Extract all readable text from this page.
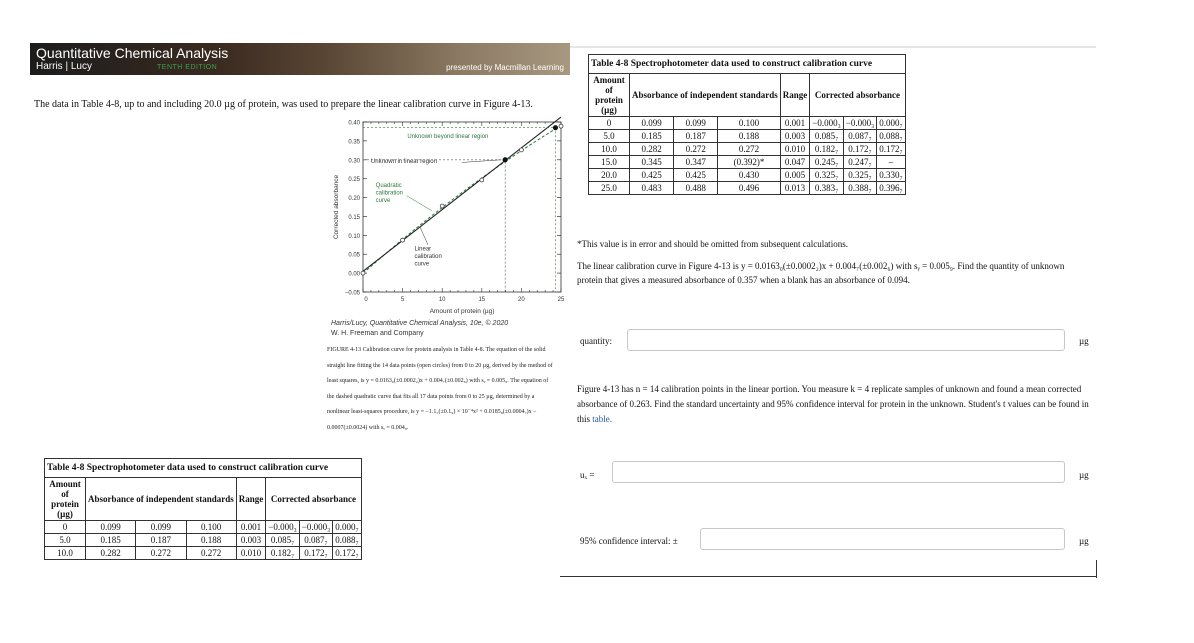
Quantitative Chemical Analysis
Harris | Lucy	TENTH EDITION	presented by Macmillan Learning
The data in Table 4-8, up to and including 20.0 µg of protein, was used to prepare the linear calibration curve in Figure 4-13.
−0.05
0.00
0.05
0.10
0.15
0.20
0.25
0.30
0.35
0.40
0	5	10	15	20	25
Amount of protein (µg)
Corrected absorbance
Unknown beyond linear region
Unknown in linear region
Quadratic
calibration
curve
Linear
calibration
curve
Harris/Lucy, Quantitative Chemical Analysis, 10e, © 2020
W. H. Freeman and Company
FIGURE 4-13 Calibration curve for protein analysis in Table 4-8. The equation of the solid straight line fitting the 14 data points (open circles) from 0 to 20 µg, derived by the method of least squares, is y = 0.0163₀(±0.0002₂)x + 0.004₇(±0.002₆) with sᵧ = 0.005₉. The equation of the dashed quadratic curve that fits all 17 data points from 0 to 25 µg, determined by a nonlinear least-squares procedure, is y = −1.1₇(±0.1₉) × 10⁻⁴x² + 0.0185₈(±0.0004₇)x − 0.0007(±0.0024) with sᵧ = 0.004₈.
Table 4-8 Spectrophotometer data used to construct calibration curve							
Amount of protein (µg)	Absorbance of independent standards			Range	Corrected absorbance		
0	0.099	0.099	0.100	0.001	−0.000₃	−0.000₃	0.000₇
5.0	0.185	0.187	0.188	0.003	0.085₇	0.087₇	0.088₇
10.0	0.282	0.272	0.272	0.010	0.182₇	0.172₇	0.172₇
15.0	0.345	0.347	(0.392)*	0.047	0.245₇	0.247₇	–
20.0	0.425	0.425	0.430	0.005	0.325₇	0.325₇	0.330₇
25.0	0.483	0.488	0.496	0.013	0.383₇	0.388₇	0.396₇
Table 4-8 Spectrophotometer data used to construct calibration curve							
Amount of protein (µg)	Absorbance of independent standards			Range	Corrected absorbance		
0	0.099	0.099	0.100	0.001	−0.000₃	−0.000₃	0.000₇
5.0	0.185	0.187	0.188	0.003	0.085₇	0.087₇	0.088₇
10.0	0.282	0.272	0.272	0.010	0.182₇	0.172₇	0.172₇
*This value is in error and should be omitted from subsequent calculations.
The linear calibration curve in Figure 4-13 is y = 0.0163₀(±0.0002₂)x + 0.004₇(±0.002₆) with sᵧ = 0.005₉. Find the quantity of unknown protein that gives a measured absorbance of 0.357 when a blank has an absorbance of 0.094.
quantity:	µg
Figure 4-13 has n = 14 calibration points in the linear portion. You measure k = 4 replicate samples of unknown and found a mean corrected absorbance of 0.263. Find the standard uncertainty and 95% confidence interval for protein in the unknown. Student's t values can be found in this table.
uₓ =	µg
95% confidence interval: ±	µg
